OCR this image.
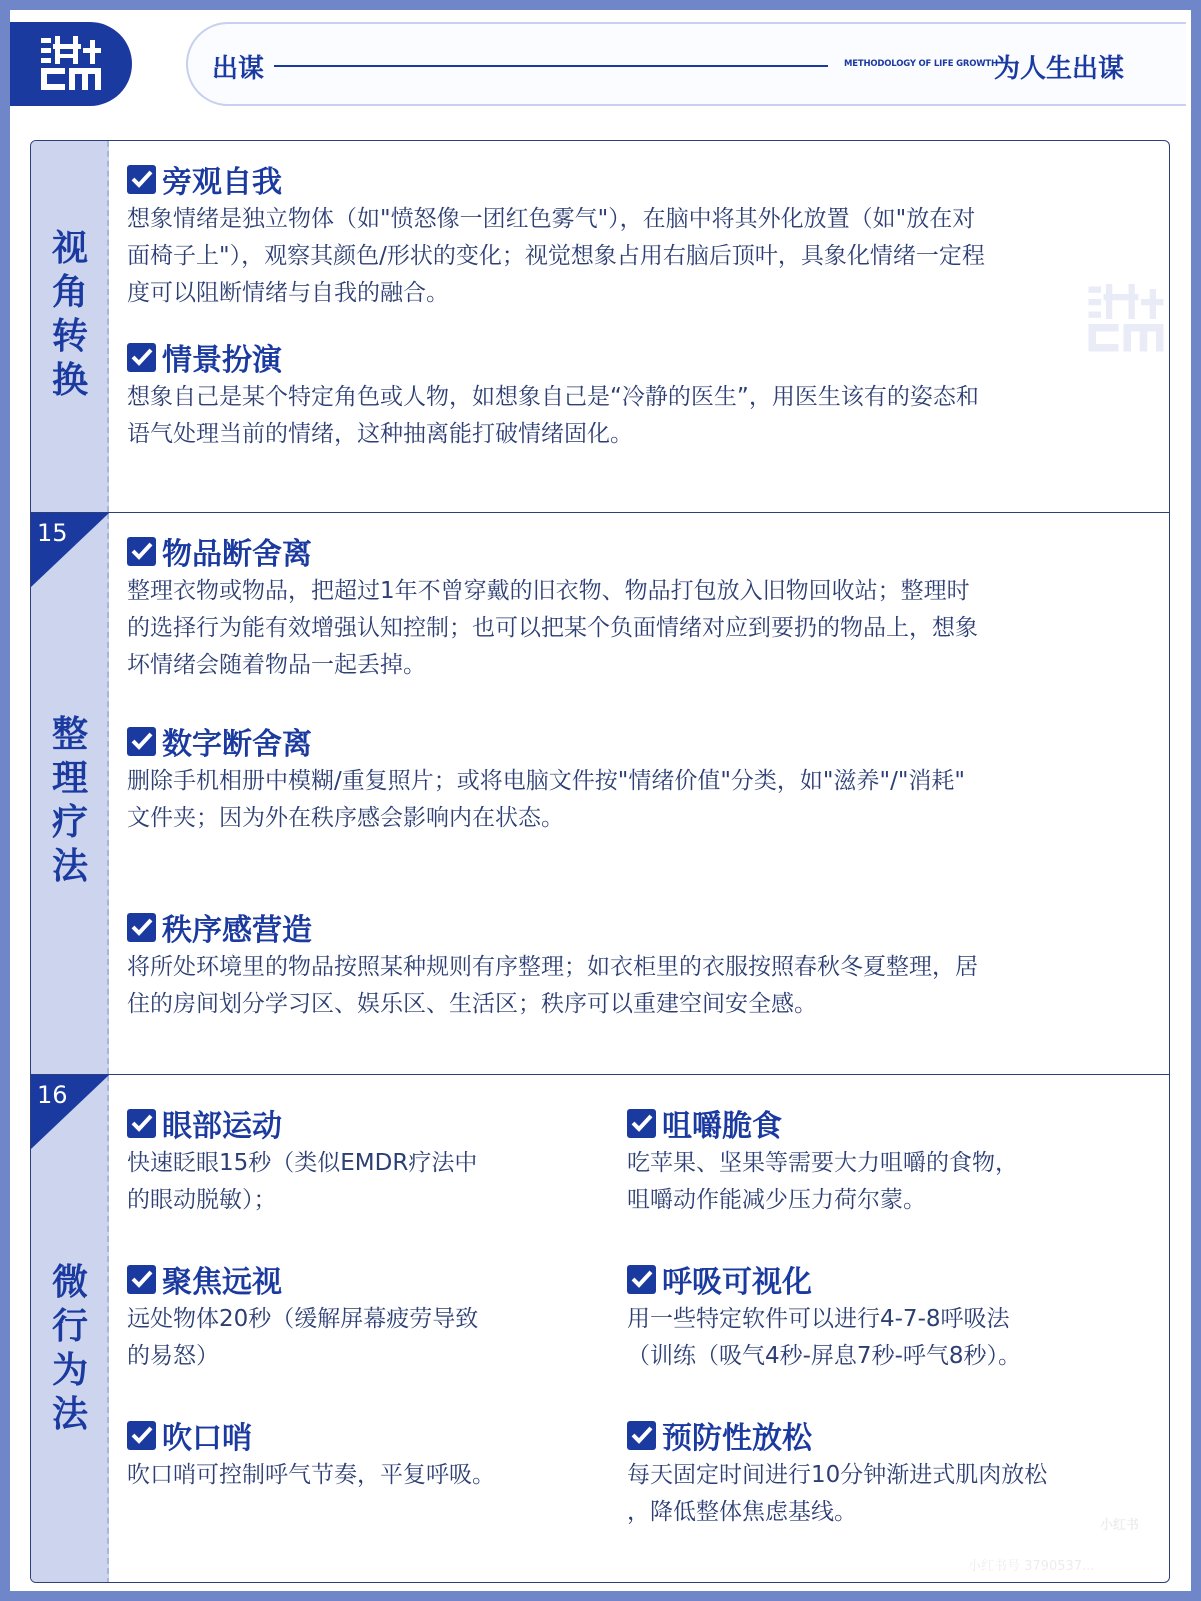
出谋	METHODOLOGY OF LIFE GROWTH
为人生出谋
视
角
转
换
旁观自我
想象情绪是独立物体（如"愤怒像一团红色雾气"），在脑中将其外化放置（如"放在对
面椅子上"），观察其颜色/形状的变化；视觉想象占用右脑后顶叶，具象化情绪一定程
度可以阻断情绪与自我的融合。
情景扮演
想象自己是某个特定角色或人物，如想象自己是“冷静的医生”，用医生该有的姿态和
语气处理当前的情绪，这种抽离能打破情绪固化。
15
整
理
疗
法
物品断舍离
整理衣物或物品，把超过1年不曾穿戴的旧衣物、物品打包放入旧物回收站；整理时
的选择行为能有效增强认知控制；也可以把某个负面情绪对应到要扔的物品上，想象
坏情绪会随着物品一起丢掉。
数字断舍离
删除手机相册中模糊/重复照片；或将电脑文件按"情绪价值"分类，如"滋养"/"消耗"
文件夹；因为外在秩序感会影响内在状态。
秩序感营造
将所处环境里的物品按照某种规则有序整理；如衣柜里的衣服按照春秋冬夏整理，居
住的房间划分学习区、娱乐区、生活区；秩序可以重建空间安全感。
16
微
行
为
法
眼部运动
快速眨眼15秒（类似EMDR疗法中
的眼动脱敏）；
聚焦远视
远处物体20秒（缓解屏幕疲劳导致
的易怒）
吹口哨
吹口哨可控制呼气节奏，平复呼吸。
咀嚼脆食
吃苹果、坚果等需要大力咀嚼的食物，
咀嚼动作能减少压力荷尔蒙。
呼吸可视化
用一些特定软件可以进行4-7-8呼吸法
（训练（吸气4秒-屏息7秒-呼气8秒）。
预防性放松
每天固定时间进行10分钟渐进式肌肉放松
，降低整体焦虑基线。
小红书
小红书号 3790537...
